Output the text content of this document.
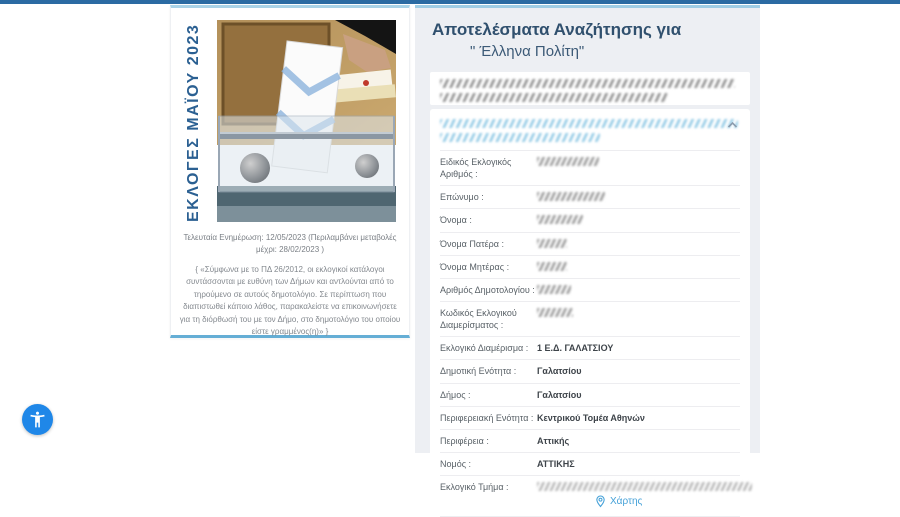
ΕΚΛΟΓΕΣ ΜΑΪΟΥ 2023
Τελευταία Ενημέρωση: 12/05/2023 (Περιλαμβάνει μεταβολές μέχρι: 28/02/2023 )
{ «Σύμφωνα με το ΠΔ 26/2012, οι εκλογικοί κατάλογοι συντάσσονται με ευθύνη των Δήμων και αντλούνται από το τηρούμενο σε αυτούς δημοτολόγιο. Σε περίπτωση που διαπιστωθεί κάποιο λάθος, παρακαλείστε να επικοινωνήσετε για τη διόρθωσή του με τον Δήμο, στο δημοτολόγιο του οποίου είστε γραμμένος(η)» }
Αποτελέσματα Αναζήτησης για
" Έλληνα Πολίτη"
Ειδικός Εκλογικός Αριθμός :
Επώνυμο :
Όνομα :
Όνομα Πατέρα :
Όνομα Μητέρας :
Αριθμός Δημοτολογίου :
Κωδικός Εκλογικού Διαμερίσματος :
Εκλογικό Διαμέρισμα : 1 Ε.Δ. ΓΑΛΑΤΣΙΟΥ
Δημοτική Ενότητα :	Γαλατσίου
Δήμος :	Γαλατσίου
Περιφερειακή Ενότητα : Κεντρικού Τομέα Αθηνών
Περιφέρεια :	Αττικής
Νομός :	ΑΤΤΙΚΗΣ
Εκλογικό Τμήμα :
Χάρτης
